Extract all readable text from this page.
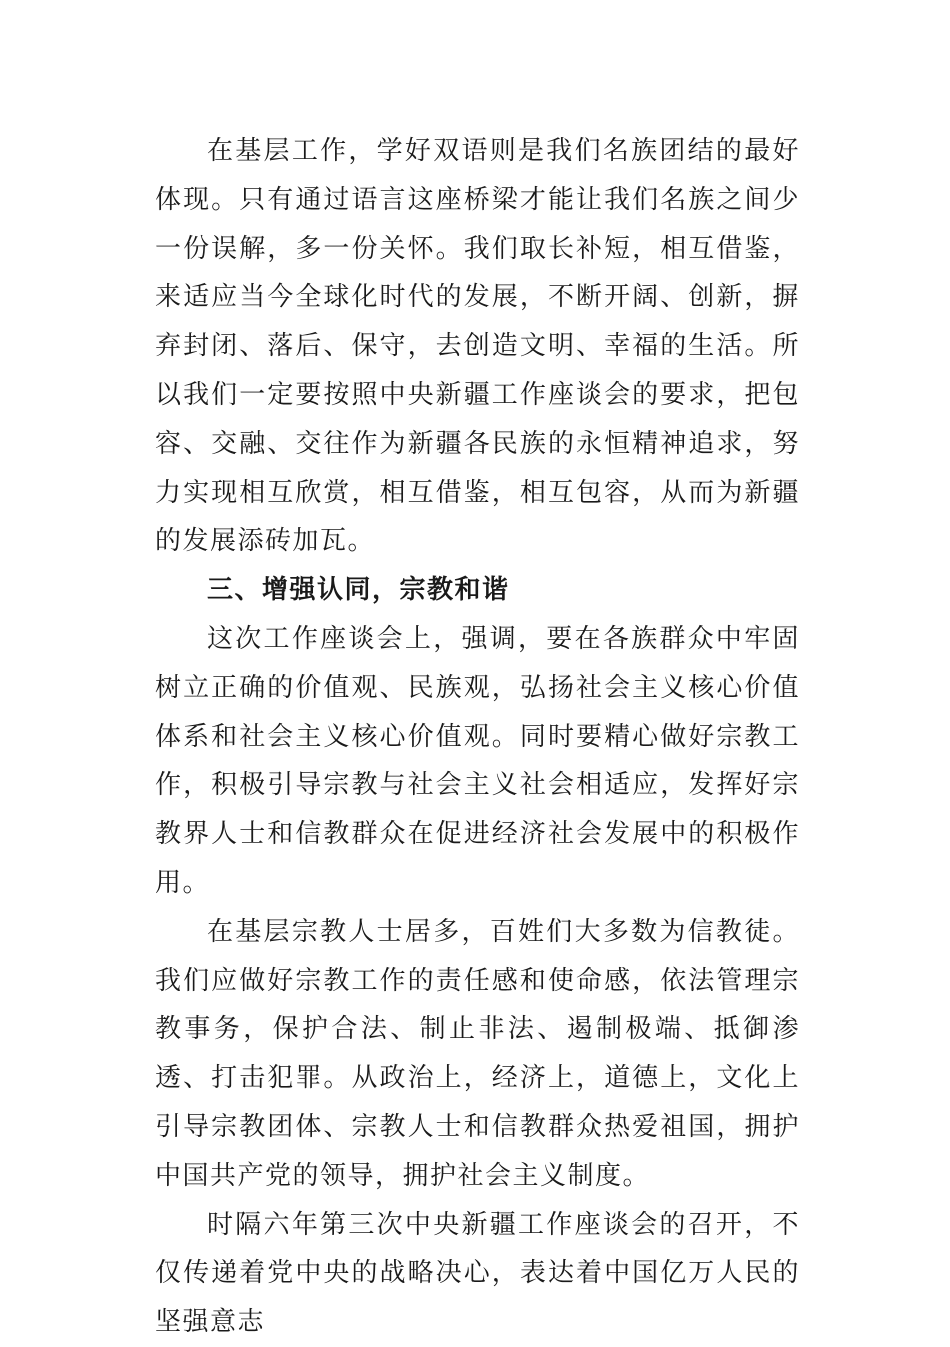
在基层工作，学好双语则是我们名族团结的最好体现。只有通过语言这座桥梁才能让我们名族之间少一份误解，多一份关怀。我们取长补短，相互借鉴，来适应当今全球化时代的发展，不断开阔、创新，摒弃封闭、落后、保守，去创造文明、幸福的生活。所以我们一定要按照中央新疆工作座谈会的要求，把包容、交融、交往作为新疆各民族的永恒精神追求，努力实现相互欣赏，相互借鉴，相互包容，从而为新疆的发展添砖加瓦。

三、增强认同，宗教和谐

这次工作座谈会上，强调，要在各族群众中牢固树立正确的价值观、民族观，弘扬社会主义核心价值体系和社会主义核心价值观。同时要精心做好宗教工作，积极引导宗教与社会主义社会相适应，发挥好宗教界人士和信教群众在促进经济社会发展中的积极作用。

在基层宗教人士居多，百姓们大多数为信教徒。我们应做好宗教工作的责任感和使命感，依法管理宗教事务，保护合法、制止非法、遏制极端、抵御渗透、打击犯罪。从政治上，经济上，道德上，文化上引导宗教团体、宗教人士和信教群众热爱祖国，拥护中国共产党的领导，拥护社会主义制度。

时隔六年第三次中央新疆工作座谈会的召开，不仅传递着党中央的战略决心，表达着中国亿万人民的坚强意志
